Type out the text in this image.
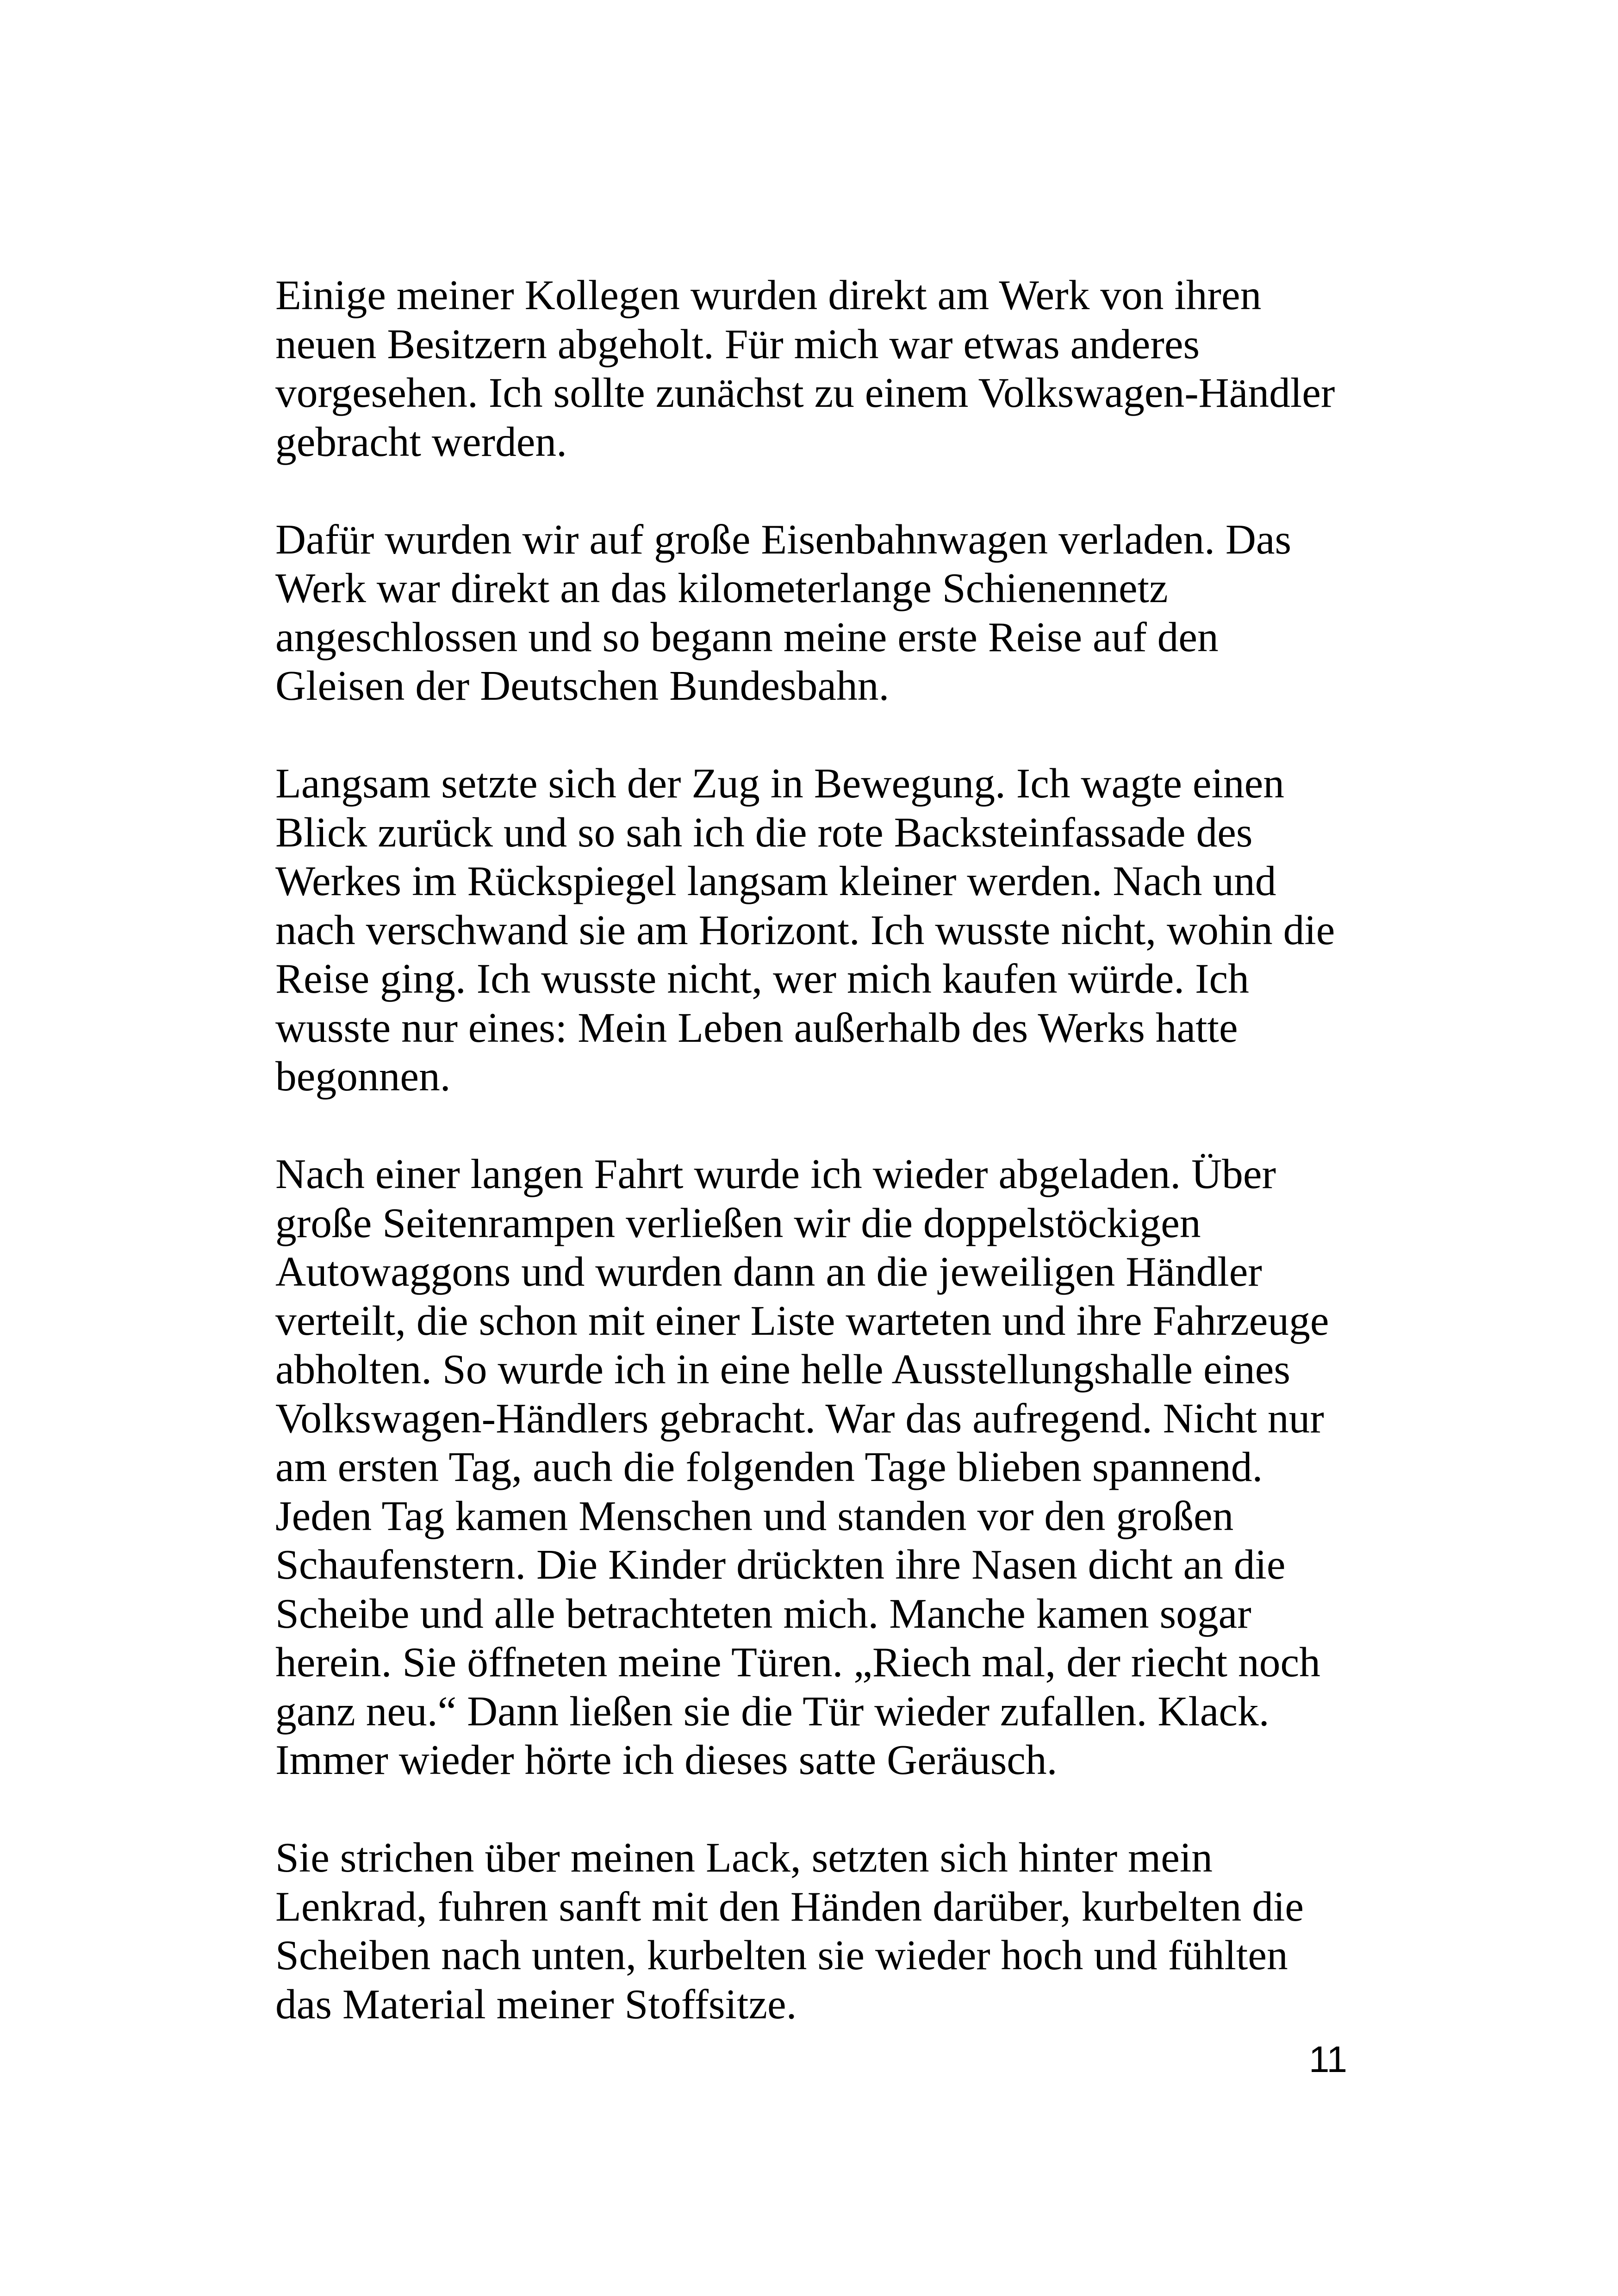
Einige meiner Kollegen wurden direkt am Werk von ihren
neuen Besitzern abgeholt. Für mich war etwas anderes
vorgesehen. Ich sollte zunächst zu einem Volkswagen-Händler
gebracht werden.

Dafür wurden wir auf große Eisenbahnwagen verladen. Das
Werk war direkt an das kilometerlange Schienennetz
angeschlossen und so begann meine erste Reise auf den
Gleisen der Deutschen Bundesbahn.

Langsam setzte sich der Zug in Bewegung. Ich wagte einen
Blick zurück und so sah ich die rote Backsteinfassade des
Werkes im Rückspiegel langsam kleiner werden. Nach und
nach verschwand sie am Horizont. Ich wusste nicht, wohin die
Reise ging. Ich wusste nicht, wer mich kaufen würde. Ich
wusste nur eines: Mein Leben außerhalb des Werks hatte
begonnen.

Nach einer langen Fahrt wurde ich wieder abgeladen. Über
große Seitenrampen verließen wir die doppelstöckigen
Autowaggons und wurden dann an die jeweiligen Händler
verteilt, die schon mit einer Liste warteten und ihre Fahrzeuge
abholten. So wurde ich in eine helle Ausstellungshalle eines
Volkswagen-Händlers gebracht. War das aufregend. Nicht nur
am ersten Tag, auch die folgenden Tage blieben spannend.
Jeden Tag kamen Menschen und standen vor den großen
Schaufenstern. Die Kinder drückten ihre Nasen dicht an die
Scheibe und alle betrachteten mich. Manche kamen sogar
herein. Sie öffneten meine Türen. „Riech mal, der riecht noch
ganz neu.“ Dann ließen sie die Tür wieder zufallen. Klack.
Immer wieder hörte ich dieses satte Geräusch.

Sie strichen über meinen Lack, setzten sich hinter mein
Lenkrad, fuhren sanft mit den Händen darüber, kurbelten die
Scheiben nach unten, kurbelten sie wieder hoch und fühlten
das Material meiner Stoffsitze.

11
